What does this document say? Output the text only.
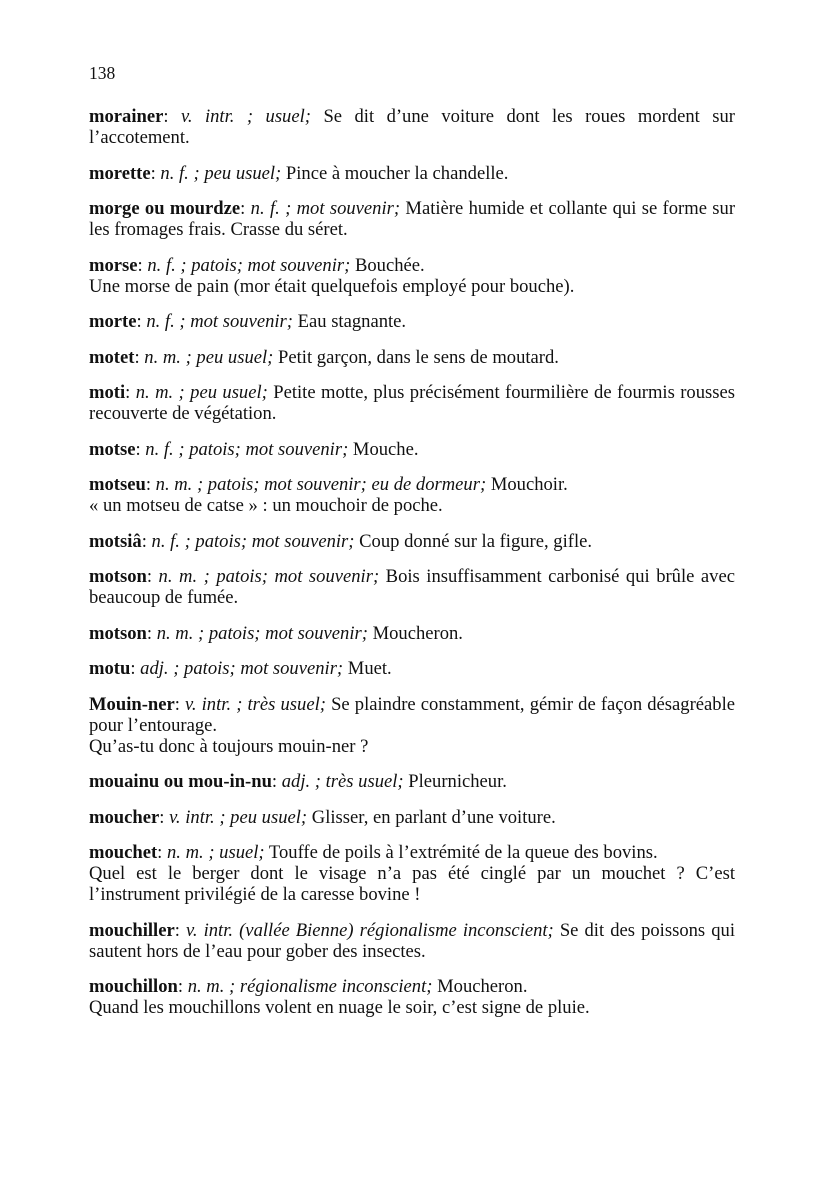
138

morainer: v. intr. ; usuel; Se dit d’une voiture dont les roues mordent sur l’accotement.

morette: n. f. ; peu usuel; Pince à moucher la chandelle.

morge ou mourdze: n. f. ; mot souvenir; Matière humide et collante qui se forme sur les fromages frais. Crasse du séret.

morse: n. f. ; patois; mot souvenir; Bouchée.

Une morse de pain (mor était quelquefois employé pour bouche).

morte: n. f. ; mot souvenir; Eau stagnante.

motet: n. m. ; peu usuel; Petit garçon, dans le sens de moutard.

moti: n. m. ; peu usuel; Petite motte, plus précisément fourmilière de fourmis rousses recouverte de végétation.

motse: n. f. ; patois; mot souvenir; Mouche.

motseu: n. m. ; patois; mot souvenir; eu de dormeur; Mouchoir.

« un motseu de catse » : un mouchoir de poche.

motsiâ: n. f. ; patois; mot souvenir; Coup donné sur la figure, gifle.

motson: n. m. ; patois; mot souvenir; Bois insuffisamment carbonisé qui brûle avec beaucoup de fumée.

motson: n. m. ; patois; mot souvenir; Moucheron.

motu: adj. ; patois; mot souvenir; Muet.

Mouin-ner: v. intr. ; très usuel; Se plaindre constamment, gémir de façon désagréable pour l’entourage.

Qu’as-tu donc à toujours mouin-ner ?

mouainu ou mou-in-nu: adj. ; très usuel; Pleurnicheur.

moucher: v. intr. ; peu usuel; Glisser, en parlant d’une voiture.

mouchet: n. m. ; usuel; Touffe de poils à l’extrémité de la queue des bovins.

Quel est le berger dont le visage n’a pas été cinglé par un mouchet ? C’est l’instrument privilégié de la caresse bovine !

mouchiller: v. intr. (vallée Bienne) régionalisme inconscient; Se dit des poissons qui sautent hors de l’eau pour gober des insectes.

mouchillon: n. m. ; régionalisme inconscient; Moucheron.

Quand les mouchillons volent en nuage le soir, c’est signe de pluie.
